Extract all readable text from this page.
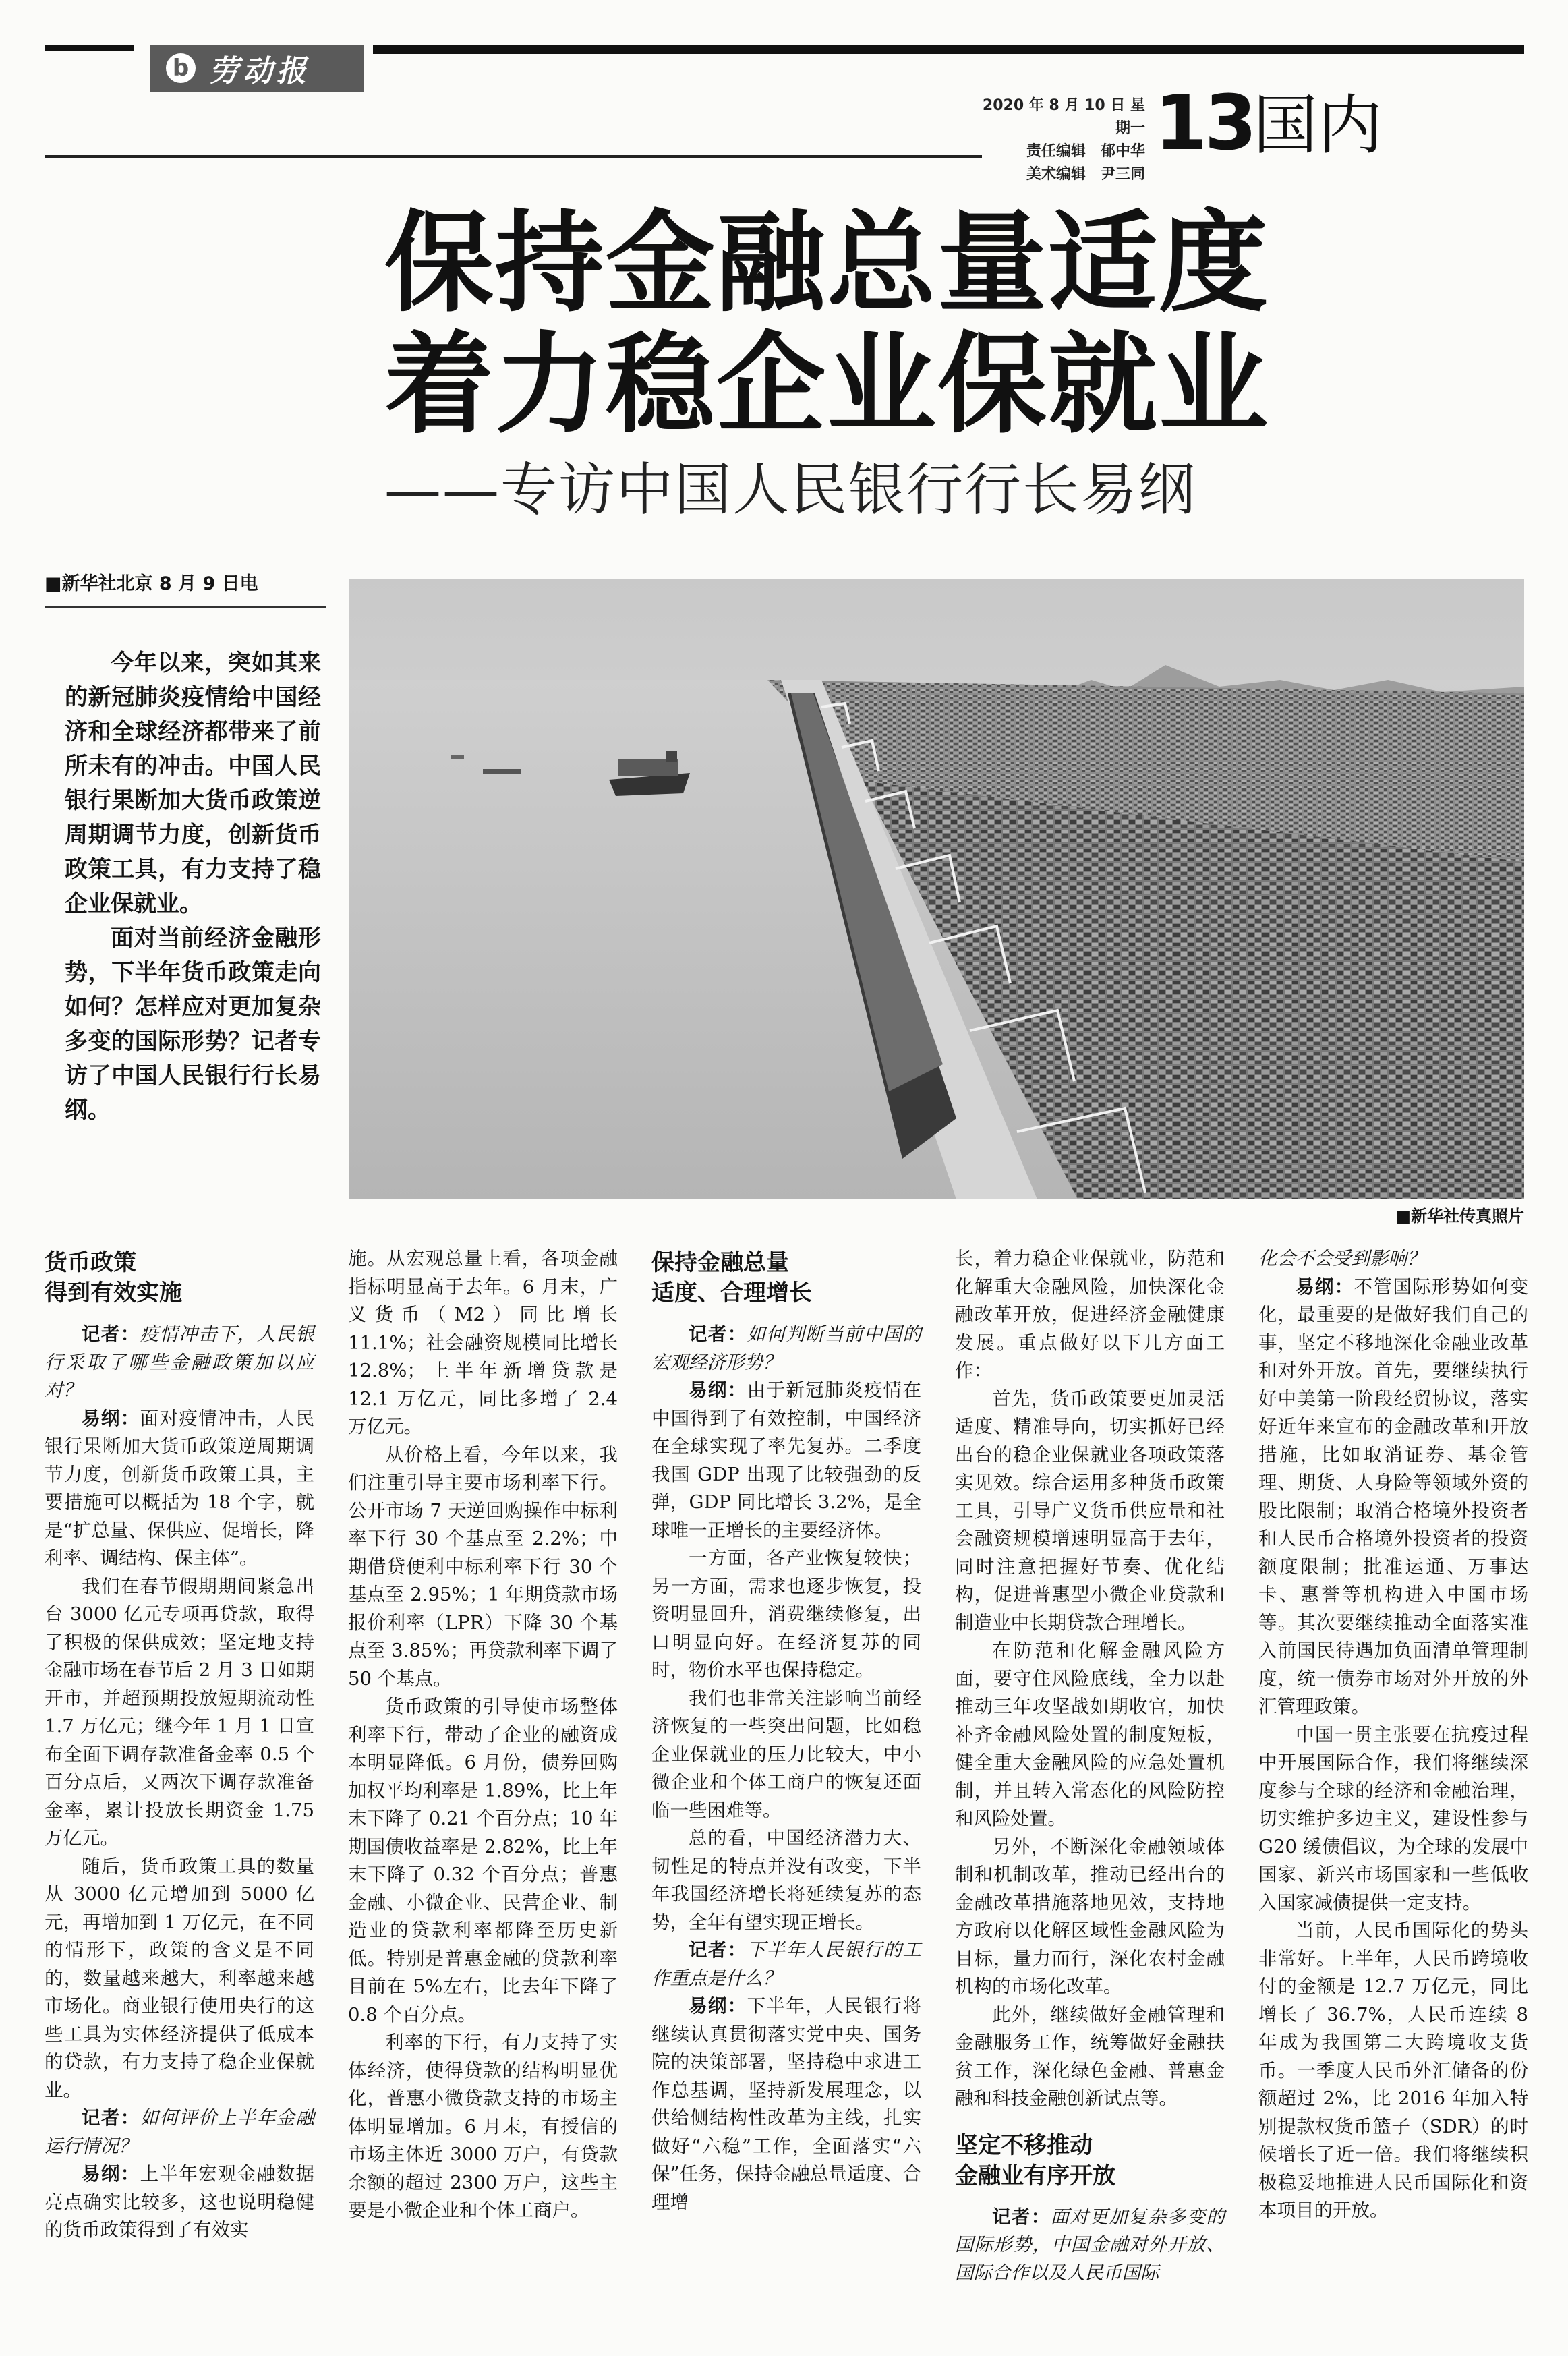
b 劳动报
2020 年 8 月 10 日 星期一
责任编辑　郁中华
美术编辑　尹三同
13
国内
保持金融总量适度
着力稳企业保就业
——专访中国人民银行行长易纲
■新华社北京 8 月 9 日电

今年以来，突如其来的新冠肺炎疫情给中国经济和全球经济都带来了前所未有的冲击。中国人民银行果断加大货币政策逆周期调节力度，创新货币政策工具，有力支持了稳企业保就业。

面对当前经济金融形势，下半年货币政策走向如何？怎样应对更加复杂多变的国际形势？记者专访了中国人民银行行长易纲。

■新华社传真照片
货币政策
得到有效实施

记者：疫情冲击下，人民银行采取了哪些金融政策加以应对？

易纲：面对疫情冲击，人民银行果断加大货币政策逆周期调节力度，创新货币政策工具，主要措施可以概括为 18 个字，就是“扩总量、保供应、促增长，降利率、调结构、保主体”。

我们在春节假期期间紧急出台 3000 亿元专项再贷款，取得了积极的保供成效；坚定地支持金融市场在春节后 2 月 3 日如期开市，并超预期投放短期流动性 1.7 万亿元；继今年 1 月 1 日宣布全面下调存款准备金率 0.5 个百分点后，又两次下调存款准备金率，累计投放长期资金 1.75 万亿元。

随后，货币政策工具的数量从 3000 亿元增加到 5000 亿元，再增加到 1 万亿元，在不同的情形下，政策的含义是不同的，数量越来越大，利率越来越市场化。商业银行使用央行的这些工具为实体经济提供了低成本的贷款，有力支持了稳企业保就业。

记者：如何评价上半年金融运行情况？

易纲：上半年宏观金融数据亮点确实比较多，这也说明稳健的货币政策得到了有效实

施。从宏观总量上看，各项金融指标明显高于去年。6 月末，广义货币（M2）同比增长 11.1%；社会融资规模同比增长 12.8%；上半年新增贷款是 12.1 万亿元，同比多增了 2.4 万亿元。

从价格上看，今年以来，我们注重引导主要市场利率下行。公开市场 7 天逆回购操作中标利率下行 30 个基点至 2.2%；中期借贷便利中标利率下行 30 个基点至 2.95%；1 年期贷款市场报价利率（LPR）下降 30 个基点至 3.85%；再贷款利率下调了 50 个基点。

货币政策的引导使市场整体利率下行，带动了企业的融资成本明显降低。6 月份，债券回购加权平均利率是 1.89%，比上年末下降了 0.21 个百分点；10 年期国债收益率是 2.82%，比上年末下降了 0.32 个百分点；普惠金融、小微企业、民营企业、制造业的贷款利率都降至历史新低。特别是普惠金融的贷款利率目前在 5%左右，比去年下降了 0.8 个百分点。

利率的下行，有力支持了实体经济，使得贷款的结构明显优化，普惠小微贷款支持的市场主体明显增加。6 月末，有授信的市场主体近 3000 万户，有贷款余额的超过 2300 万户，这些主要是小微企业和个体工商户。

保持金融总量
适度、合理增长

记者：如何判断当前中国的宏观经济形势？

易纲：由于新冠肺炎疫情在中国得到了有效控制，中国经济在全球实现了率先复苏。二季度我国 GDP 出现了比较强劲的反弹，GDP 同比增长 3.2%，是全球唯一正增长的主要经济体。

一方面，各产业恢复较快；另一方面，需求也逐步恢复，投资明显回升，消费继续修复，出口明显向好。在经济复苏的同时，物价水平也保持稳定。

我们也非常关注影响当前经济恢复的一些突出问题，比如稳企业保就业的压力比较大，中小微企业和个体工商户的恢复还面临一些困难等。

总的看，中国经济潜力大、韧性足的特点并没有改变，下半年我国经济增长将延续复苏的态势，全年有望实现正增长。

记者：下半年人民银行的工作重点是什么？

易纲：下半年，人民银行将继续认真贯彻落实党中央、国务院的决策部署，坚持稳中求进工作总基调，坚持新发展理念，以供给侧结构性改革为主线，扎实做好“六稳”工作，全面落实“六保”任务，保持金融总量适度、合理增

长，着力稳企业保就业，防范和化解重大金融风险，加快深化金融改革开放，促进经济金融健康发展。重点做好以下几方面工作：

首先，货币政策要更加灵活适度、精准导向，切实抓好已经出台的稳企业保就业各项政策落实见效。综合运用多种货币政策工具，引导广义货币供应量和社会融资规模增速明显高于去年，同时注意把握好节奏、优化结构，促进普惠型小微企业贷款和制造业中长期贷款合理增长。

在防范和化解金融风险方面，要守住风险底线，全力以赴推动三年攻坚战如期收官，加快补齐金融风险处置的制度短板，健全重大金融风险的应急处置机制，并且转入常态化的风险防控和风险处置。

另外，不断深化金融领域体制和机制改革，推动已经出台的金融改革措施落地见效，支持地方政府以化解区域性金融风险为目标，量力而行，深化农村金融机构的市场化改革。

此外，继续做好金融管理和金融服务工作，统筹做好金融扶贫工作，深化绿色金融、普惠金融和科技金融创新试点等。

坚定不移推动
金融业有序开放

记者：面对更加复杂多变的国际形势，中国金融对外开放、国际合作以及人民币国际

化会不会受到影响？

易纲：不管国际形势如何变化，最重要的是做好我们自己的事，坚定不移地深化金融业改革和对外开放。首先，要继续执行好中美第一阶段经贸协议，落实好近年来宣布的金融改革和开放措施，比如取消证券、基金管理、期货、人身险等领域外资的股比限制；取消合格境外投资者和人民币合格境外投资者的投资额度限制；批准运通、万事达卡、惠誉等机构进入中国市场等。其次要继续推动全面落实准入前国民待遇加负面清单管理制度，统一债券市场对外开放的外汇管理政策。

中国一贯主张要在抗疫过程中开展国际合作，我们将继续深度参与全球的经济和金融治理，切实维护多边主义，建设性参与 G20 缓债倡议，为全球的发展中国家、新兴市场国家和一些低收入国家减债提供一定支持。

当前，人民币国际化的势头非常好。上半年，人民币跨境收付的金额是 12.7 万亿元，同比增长了 36.7%，人民币连续 8 年成为我国第二大跨境收支货币。一季度人民币外汇储备的份额超过 2%，比 2016 年加入特别提款权货币篮子（SDR）的时候增长了近一倍。我们将继续积极稳妥地推进人民币国际化和资本项目的开放。
